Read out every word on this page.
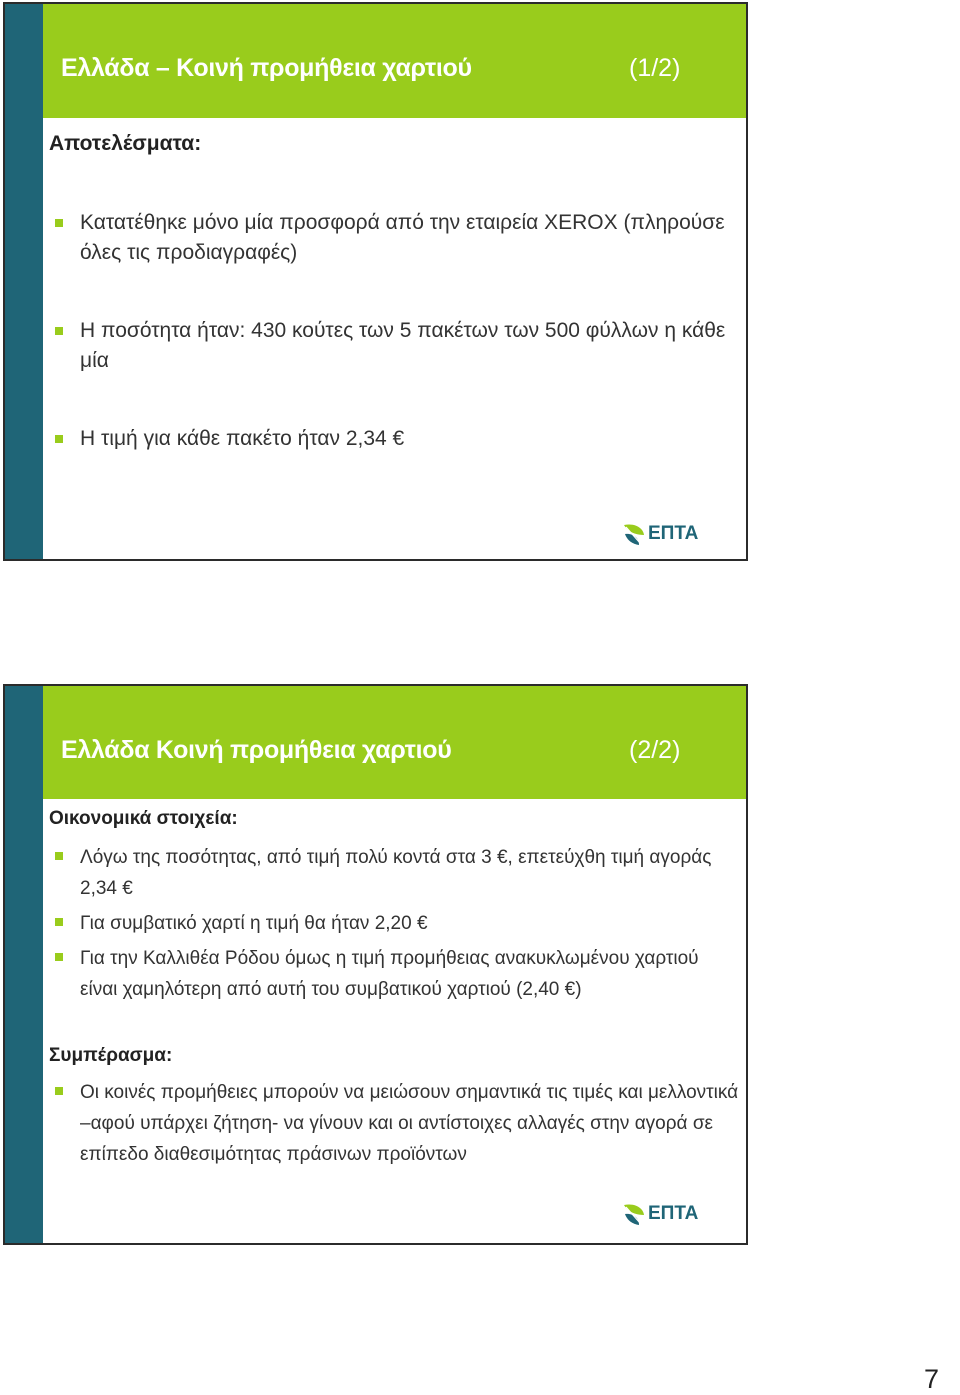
Ελλάδα – Κοινή προμήθεια χαρτιού	(1/2)
Αποτελέσματα:
Κατατέθηκε μόνο μία προσφορά από την εταιρεία XEROX (πληρούσε όλες τις προδιαγραφές)
Η ποσότητα ήταν: 430 κούτες των 5 πακέτων των 500 φύλλων η κάθε μία
Η τιμή για κάθε πακέτο ήταν 2,34 €
ΕΠΤΑ
Ελλάδα Κοινή προμήθεια χαρτιού	(2/2)
Οικονομικά στοιχεία:
Λόγω της ποσότητας, από τιμή πολύ κοντά στα 3 €, επετεύχθη τιμή αγοράς 2,34 €
Για συμβατικό χαρτί η τιμή θα ήταν 2,20 €
Για την Καλλιθέα Ρόδου όμως η τιμή προμήθειας ανακυκλωμένου χαρτιού είναι χαμηλότερη από αυτή του συμβατικού χαρτιού (2,40 €)
Συμπέρασμα:
Οι κοινές προμήθειες μπορούν να μειώσουν σημαντικά τις τιμές και μελλοντικά –αφού υπάρχει ζήτηση- να γίνουν και οι αντίστοιχες αλλαγές στην αγορά σε επίπεδο διαθεσιμότητας πράσινων προϊόντων
ΕΠΤΑ
7
